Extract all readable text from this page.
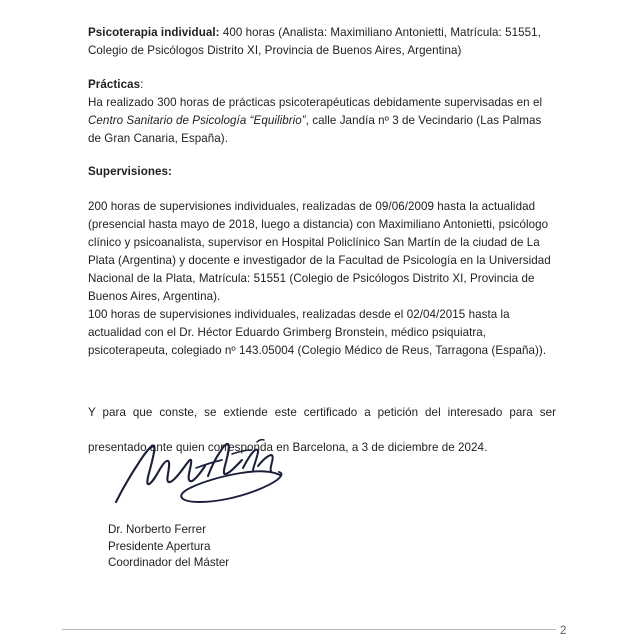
Psicoterapia individual: 400 horas (Analista: Maximiliano Antonietti, Matrícula: 51551, Colegio de Psicólogos Distrito XI, Provincia de Buenos Aires, Argentina)

Prácticas:

Ha realizado 300 horas de prácticas psicoterapéuticas debidamente supervisadas en el Centro Sanitario de Psicología “Equilibrio”, calle Jandía nº 3 de Vecindario (Las Palmas de Gran Canaria, España).

Supervisiones:

200 horas de supervisiones individuales, realizadas de 09/06/2009 hasta la actualidad (presencial hasta mayo de 2018, luego a distancia) con Maximiliano Antonietti, psicólogo clínico y psicoanalista, supervisor en Hospital Policlínico San Martín de la ciudad de La Plata (Argentina) y docente e investigador de la Facultad de Psicología en la Universidad Nacional de la Plata, Matrícula: 51551 (Colegio de Psicólogos Distrito XI, Provincia de Buenos Aires, Argentina).

100 horas de supervisiones individuales, realizadas desde el 02/04/2015 hasta la actualidad con el Dr. Héctor Eduardo Grimberg Bronstein, médico psiquiatra, psicoterapeuta, colegiado nº 143.05004 (Colegio Médico de Reus, Tarragona (España)).

Y para que conste, se extiende este certificado a petición del interesado para ser
presentado ante quien corresponda en Barcelona, a 3 de diciembre de 2024.

Dr. Norberto Ferrer
Presidente Apertura
Coordinador del Máster
2
